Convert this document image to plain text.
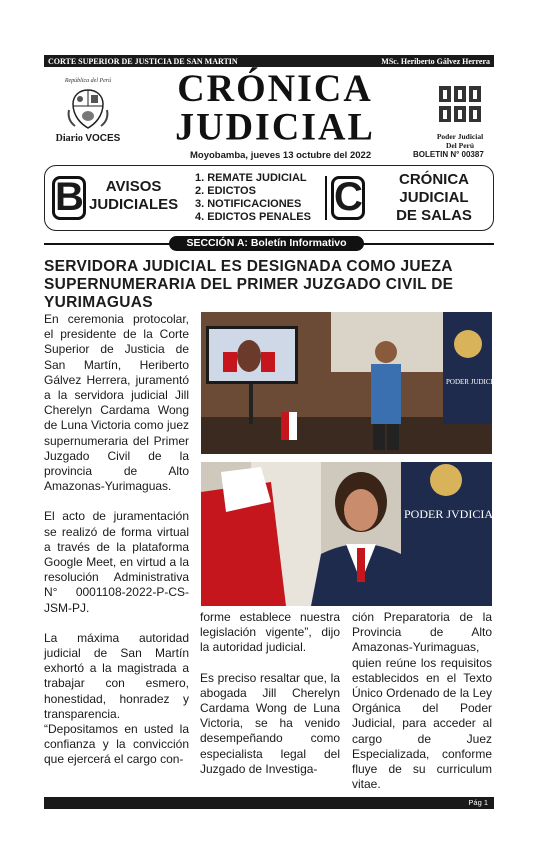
CORTE SUPERIOR DE JUSTICIA DE SAN MARTIN	MSc. Heriberto Gálvez Herrera
República del Perú
Diario VOCES
CRÓNICA
JUDICIAL
Moyobamba, jueves 13 octubre del 2022	BOLETIN N° 00387
Poder Judicial
Del Perú
B	AVISOS
JUDICIALES
1. REMATE JUDICIAL
2. EDICTOS
3. NOTIFICACIONES
4. EDICTOS PENALES C	CRÓNICA
JUDICIAL
DE SALAS
SECCIÓN A: Boletín Informativo
SERVIDORA JUDICIAL ES DESIGNADA COMO JUEZA SUPERNUMERARIA DEL PRIMER JUZGADO CIVIL DE YURIMAGUAS

En ceremonia protocolar, el presidente de la Corte Superior de Justicia de San Martín, Heriberto Gálvez Herrera, juramentó a la servidora judicial Jill Cherelyn Cardama Wong de Luna Victoria como juez supernumeraria del Primer Juzgado Civil de la provincia de Alto Amazonas-Yurimaguas.

El acto de juramentación se realizó de forma virtual a través de la plataforma Google Meet, en virtud a la resolución Administrativa N° 0001108-2022-P-CS-JSM-PJ.

La máxima autoridad judicial de San Martín exhortó a la magistrada a trabajar con esmero, honestidad, honradez y transparencia. “Depositamos en usted la confianza y la convicción que ejercerá el cargo con-

PODER JUDICIAL
PODER JVDICIA

forme establece nuestra legislación vigente”, dijo la autoridad judicial.

Es preciso resaltar que, la abogada Jill Cherelyn Cardama Wong de Luna Victoria, se ha venido desempeñando como especialista legal del Juzgado de Investiga-

ción Preparatoria de la Provincia de Alto Amazonas-Yurimaguas, quien reúne los requisitos establecidos en el Texto Único Ordenado de la Ley Orgánica del Poder Judicial, para acceder al cargo de Juez Especializada, conforme fluye de su curriculum vitae.

Pág 1
